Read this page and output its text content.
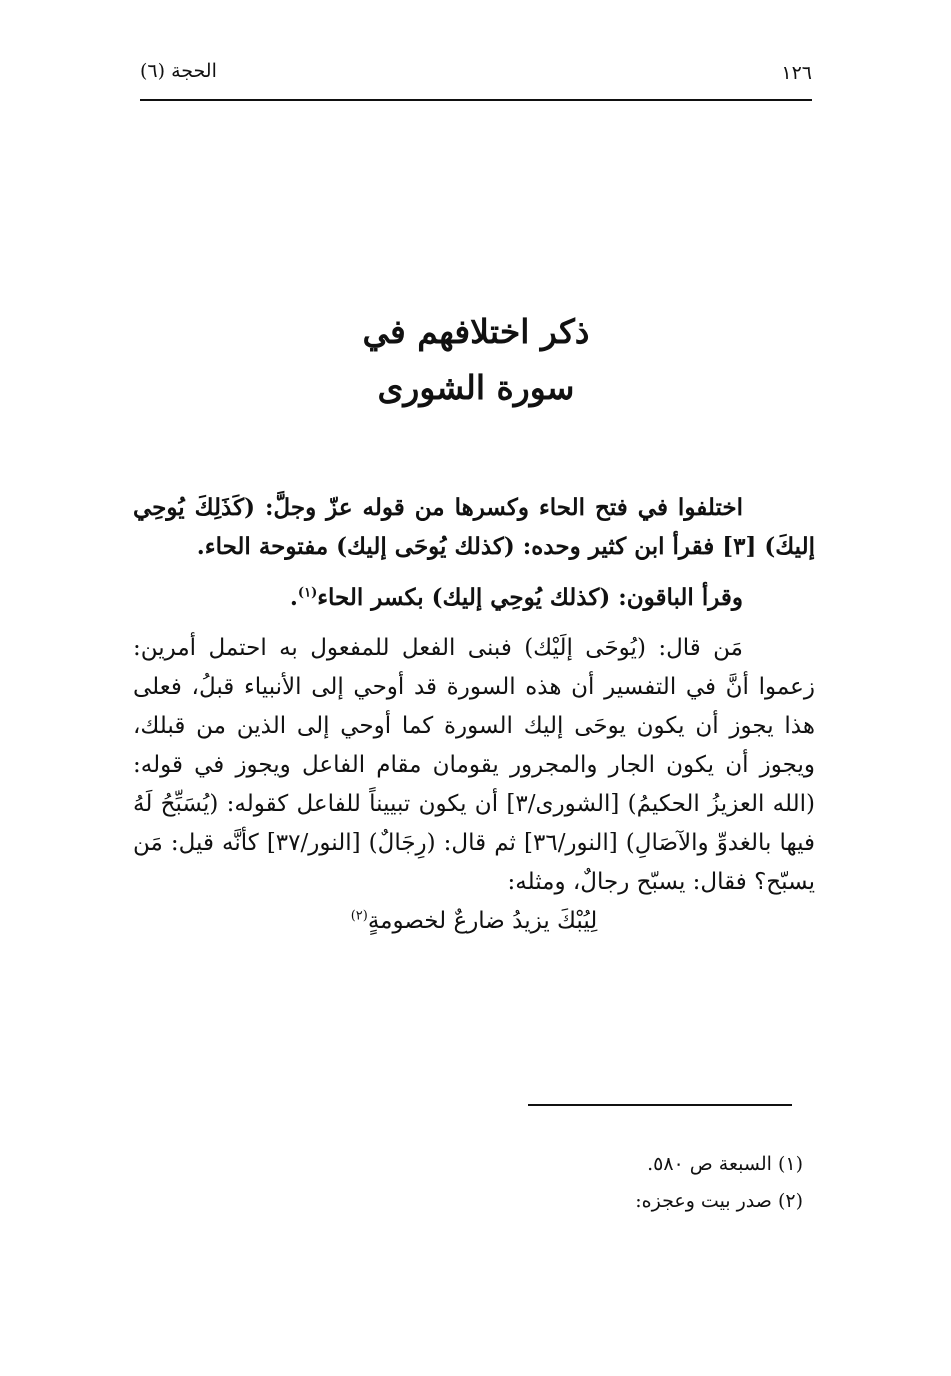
١٢٦
الحجة (٦)
ذكر اختلافهم في
سورة الشورى

اختلفوا في فتح الحاء وكسرها من قوله عزّ وجلَّ: (كَذَلِكَ يُوحِي إليكَ) [٣] فقرأ ابن كثير وحده: (كذلك يُوحَى إليك) مفتوحة الحاء.

وقرأ الباقون: (كذلك يُوحِي إليك) بكسر الحاء$^{(١)}$.

مَن قال: (يُوحَى إلَيْك) فبنى الفعل للمفعول به احتمل أمرين: زعموا أنَّ في التفسير أن هذه السورة قد أوحي إلى الأنبياء قبلُ، فعلى هذا يجوز أن يكون يوحَى إليك السورة كما أوحي إلى الذين من قبلك، ويجوز أن يكون الجار والمجرور يقومان مقام الفاعل ويجوز في قوله: (الله العزيزُ الحكيمُ) [الشورى/٣] أن يكون تبييناً للفاعل كقوله: (يُسَبِّحُ لَهُ فيها بالغدوِّ والآصَالِ) [النور/٣٦] ثم قال: (رِجَالٌ) [النور/٣٧] كأنَّه قيل: مَن يسبّح؟ فقال: يسبّح رجالٌ، ومثله:

لِيُبْكَ يزيدُ ضارعٌ لخصومةٍ$^{(٢)}$

(١) السبعة ص ٥٨٠.

(٢) صدر بيت وعجزه:
